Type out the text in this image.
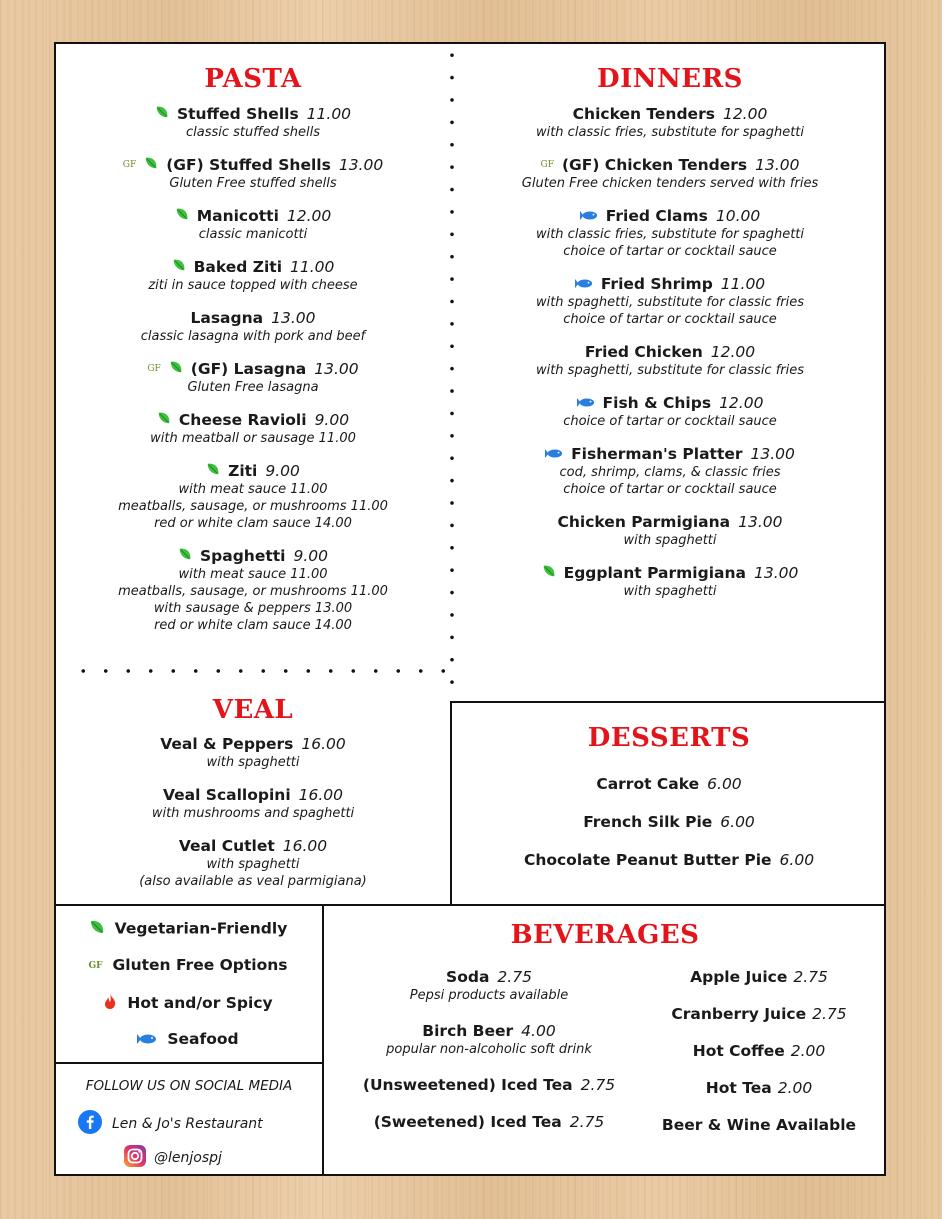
PASTA
Stuffed Shells 11.00
classic stuffed shells
GF (GF) Stuffed Shells 13.00
Gluten Free stuffed shells
Manicotti 12.00
classic manicotti
Baked Ziti 11.00
ziti in sauce topped with cheese
Lasagna 13.00
classic lasagna with pork and beef
GF (GF) Lasagna 13.00
Gluten Free lasagna
Cheese Ravioli 9.00
with meatball or sausage 11.00
Ziti 9.00
with meat sauce 11.00
meatballs, sausage, or mushrooms 11.00
red or white clam sauce 14.00
Spaghetti 9.00
with meat sauce 11.00
meatballs, sausage, or mushrooms 11.00
with sausage & peppers 13.00
red or white clam sauce 14.00
DINNERS
Chicken Tenders 12.00
with classic fries, substitute for spaghetti
GF (GF) Chicken Tenders 13.00
Gluten Free chicken tenders served with fries
Fried Clams 10.00
with classic fries, substitute for spaghetti
choice of tartar or cocktail sauce
Fried Shrimp 11.00
with spaghetti, substitute for classic fries
choice of tartar or cocktail sauce
Fried Chicken 12.00
with spaghetti, substitute for classic fries
Fish & Chips 12.00
choice of tartar or cocktail sauce
Fisherman's Platter 13.00
cod, shrimp, clams, & classic fries
choice of tartar or cocktail sauce
Chicken Parmigiana 13.00
with spaghetti
Eggplant Parmigiana 13.00
with spaghetti
VEAL
Veal & Peppers 16.00
with spaghetti
Veal Scallopini 16.00
with mushrooms and spaghetti
Veal Cutlet 16.00
with spaghetti
(also available as veal parmigiana)
DESSERTS
Carrot Cake 6.00
French Silk Pie 6.00
Chocolate Peanut Butter Pie 6.00
Vegetarian-Friendly
GF Gluten Free Options
Hot and/or Spicy
Seafood
FOLLOW US ON SOCIAL MEDIA
Len & Jo's Restaurant
@lenjospj
BEVERAGES
Soda 2.75
Pepsi products available
Birch Beer 4.00
popular non-alcoholic soft drink
(Unsweetened) Iced Tea 2.75
(Sweetened) Iced Tea 2.75
Apple Juice 2.75
Cranberry Juice 2.75
Hot Coffee 2.00
Hot Tea 2.00
Beer & Wine Available
